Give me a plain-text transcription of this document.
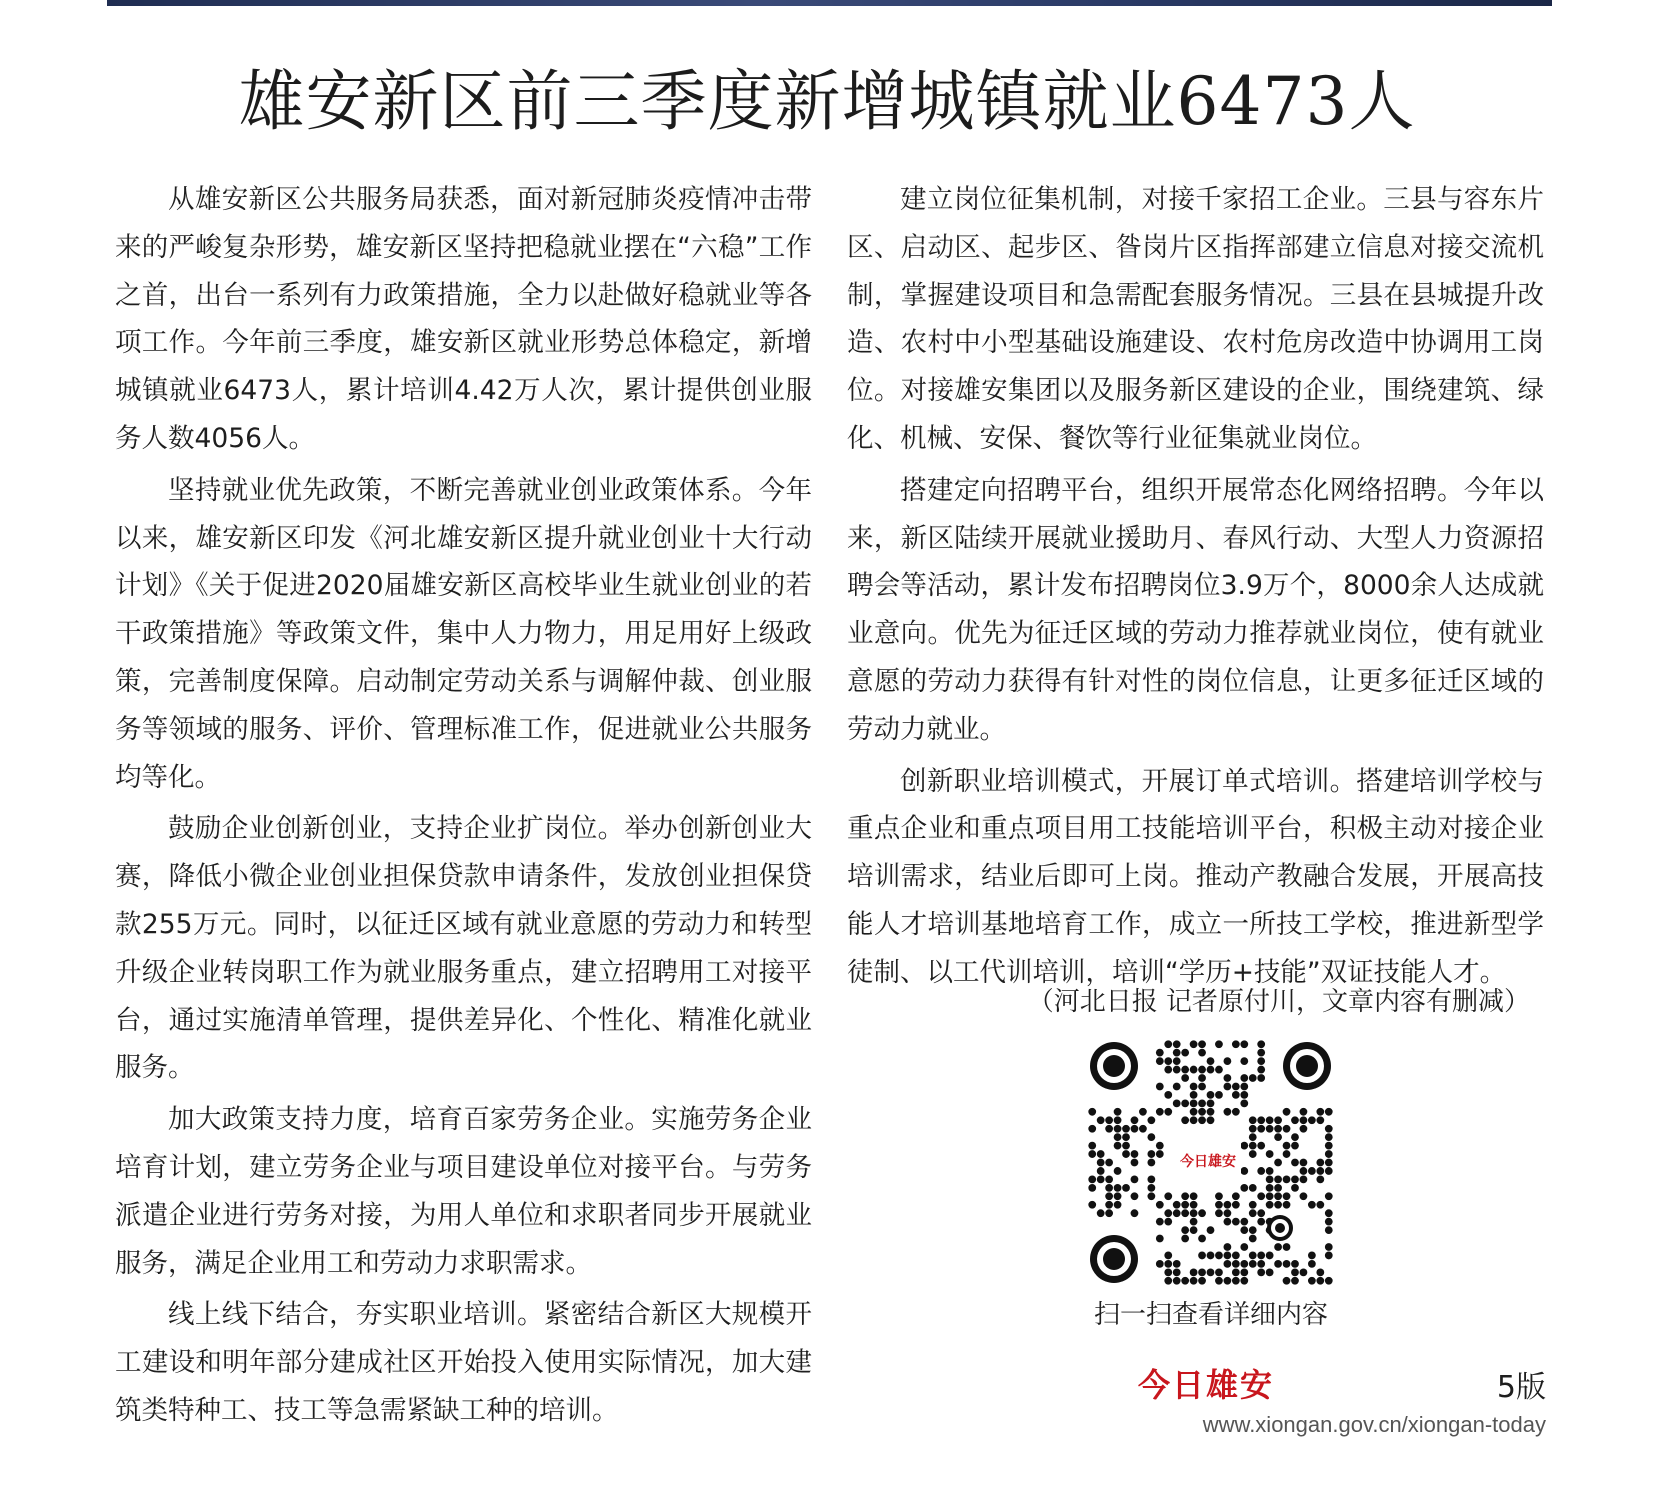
雄安新区前三季度新增城镇就业6473人

从雄安新区公共服务局获悉，面对新冠肺炎疫情冲击带来的严峻复杂形势，雄安新区坚持把稳就业摆在“六稳”工作之首，出台一系列有力政策措施，全力以赴做好稳就业等各项工作。今年前三季度，雄安新区就业形势总体稳定，新增城镇就业6473人，累计培训4.42万人次，累计提供创业服务人数4056人。

坚持就业优先政策，不断完善就业创业政策体系。今年以来，雄安新区印发《河北雄安新区提升就业创业十大行动计划》《关于促进2020届雄安新区高校毕业生就业创业的若干政策措施》等政策文件，集中人力物力，用足用好上级政策，完善制度保障。启动制定劳动关系与调解仲裁、创业服务等领域的服务、评价、管理标准工作，促进就业公共服务均等化。

鼓励企业创新创业，支持企业扩岗位。举办创新创业大赛，降低小微企业创业担保贷款申请条件，发放创业担保贷款255万元。同时，以征迁区域有就业意愿的劳动力和转型升级企业转岗职工作为就业服务重点，建立招聘用工对接平台，通过实施清单管理，提供差异化、个性化、精准化就业服务。

加大政策支持力度，培育百家劳务企业。实施劳务企业培育计划，建立劳务企业与项目建设单位对接平台。与劳务派遣企业进行劳务对接，为用人单位和求职者同步开展就业服务，满足企业用工和劳动力求职需求。

线上线下结合，夯实职业培训。紧密结合新区大规模开工建设和明年部分建成社区开始投入使用实际情况，加大建筑类特种工、技工等急需紧缺工种的培训。

建立岗位征集机制，对接千家招工企业。三县与容东片区、启动区、起步区、昝岗片区指挥部建立信息对接交流机制，掌握建设项目和急需配套服务情况。三县在县城提升改造、农村中小型基础设施建设、农村危房改造中协调用工岗位。对接雄安集团以及服务新区建设的企业，围绕建筑、绿化、机械、安保、餐饮等行业征集就业岗位。

搭建定向招聘平台，组织开展常态化网络招聘。今年以来，新区陆续开展就业援助月、春风行动、大型人力资源招聘会等活动，累计发布招聘岗位3.9万个，8000余人达成就业意向。优先为征迁区域的劳动力推荐就业岗位，使有就业意愿的劳动力获得有针对性的岗位信息，让更多征迁区域的劳动力就业。

创新职业培训模式，开展订单式培训。搭建培训学校与重点企业和重点项目用工技能培训平台，积极主动对接企业培训需求，结业后即可上岗。推动产教融合发展，开展高技能人才培训基地培育工作，成立一所技工学校，推进新型学徒制、以工代训培训，培训“学历+技能”双证技能人才。

（河北日报 记者原付川，文章内容有删减）
今日雄安
扫一扫查看详细内容
今日雄安	5版
www.xiongan.gov.cn/xiongan-today
